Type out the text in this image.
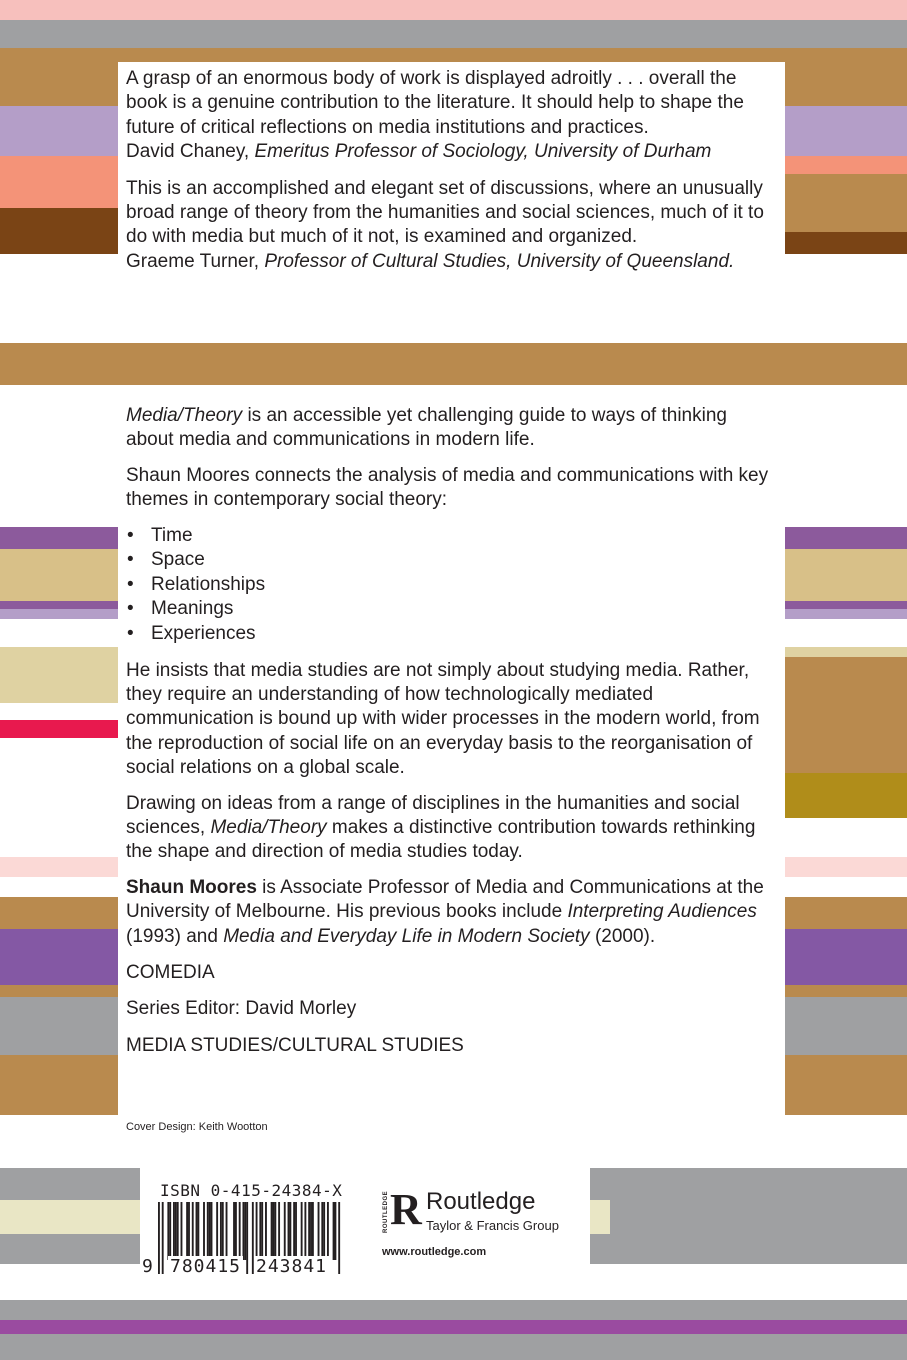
A grasp of an enormous body of work is displayed adroitly . . . overall the book is a genuine contribution to the literature. It should help to shape the future of critical reflections on media institutions and practices.

David Chaney, Emeritus Professor of Sociology, University of Durham

This is an accomplished and elegant set of discussions, where an unusually broad range of theory from the humanities and social sciences, much of it to do with media but much of it not, is examined and organized.

Graeme Turner, Professor of Cultural Studies, University of Queensland.

Media/Theory is an accessible yet challenging guide to ways of thinking about media and communications in modern life.

Shaun Moores connects the analysis of media and communications with key themes in contemporary social theory:

• Time
• Space
• Relationships
• Meanings
• Experiences

He insists that media studies are not simply about studying media. Rather, they require an understanding of how technologically mediated communication is bound up with wider processes in the modern world, from the reproduction of social life on an everyday basis to the reorganisation of social relations on a global scale.

Drawing on ideas from a range of disciplines in the humanities and social sciences, Media/Theory makes a distinctive contribution towards rethinking the shape and direction of media studies today.

Shaun Moores is Associate Professor of Media and Communications at the University of Melbourne. His previous books include Interpreting Audiences (1993) and Media and Everyday Life in Modern Society (2000).

COMEDIA

Series Editor: David Morley

MEDIA STUDIES/CULTURAL STUDIES

Cover Design: Keith Wootton
ISBN 0-415-24384-X
9 780415 243841
ROUTLEDGE R Routledge
Taylor & Francis Group
www.routledge.com
